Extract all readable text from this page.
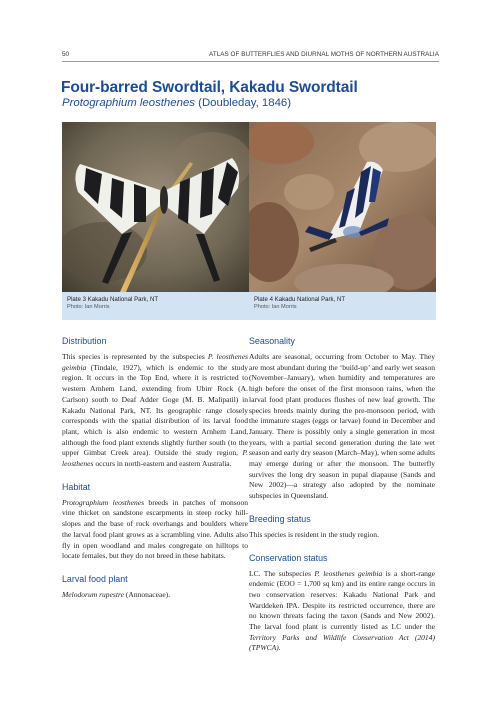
50	ATLAS OF BUTTERFLIES AND DIURNAL MOTHS OF NORTHERN AUSTRALIA
Four-barred Swordtail, Kakadu Swordtail
Protographium leosthenes (Doubleday, 1846)
Plate 3 Kakadu National Park, NT
Photo: Ian Morris
Plate 4 Kakadu National Park, NT
Photo: Ian Morris
Distribution

This species is represented by the subspecies P. leosthenes geimbia (Tindale, 1927), which is endemic to the study region. It occurs in the Top End, where it is restricted to western Arnhem Land, extending from Ubirr Rock (A. Carlson) south to Deaf Adder Goge (M. B. Malipatil) in Kakadu National Park, NT. Its geographic range closely corresponds with the spatial distribution of its larval food plant, which is also endemic to western Arnhem Land, although the food plant extends slightly further south (to the upper Gimbat Creek area). Outside the study region, P. leosthenes occurs in north-eastern and eastern Australia.

Habitat

Protographium leosthenes breeds in patches of monsoon vine thicket on sandstone escarpments in steep rocky hill-slopes and the base of rock overhangs and boulders where the larval food plant grows as a scrambling vine. Adults also fly in open woodland and males congregate on hilltops to locate females, but they do not breed in these habitats.

Larval food plant

Melodorum rupestre (Annonaceae).

Seasonality

Adults are seasonal, occurring from October to May. They are most abundant during the ‘build-up’ and early wet season (November–January), when humidity and temperatures are high before the onset of the first monsoon rains, when the larval food plant produces flushes of new leaf growth. The species breeds mainly during the pre-monsoon period, with the immature stages (eggs or larvae) found in December and January. There is possibly only a single generation in most years, with a partial second generation during the late wet season and early dry season (March–May), when some adults may emerge during or after the monsoon. The butterfly survives the long dry season in pupal diapause (Sands and New 2002)—a strategy also adopted by the nominate subspecies in Queensland.

Breeding status

This species is resident in the study region.

Conservation status

LC. The subspecies P. leosthenes geimbia is a short-range endemic (EOO = 1,700 sq km) and its entire range occurs in two conservation reserves: Kakadu National Park and Warddeken IPA. Despite its restricted occurrence, there are no known threats facing the taxon (Sands and New 2002). The larval food plant is currently listed as LC under the Territory Parks and Wildlife Conservation Act (2014) (TPWCA).
